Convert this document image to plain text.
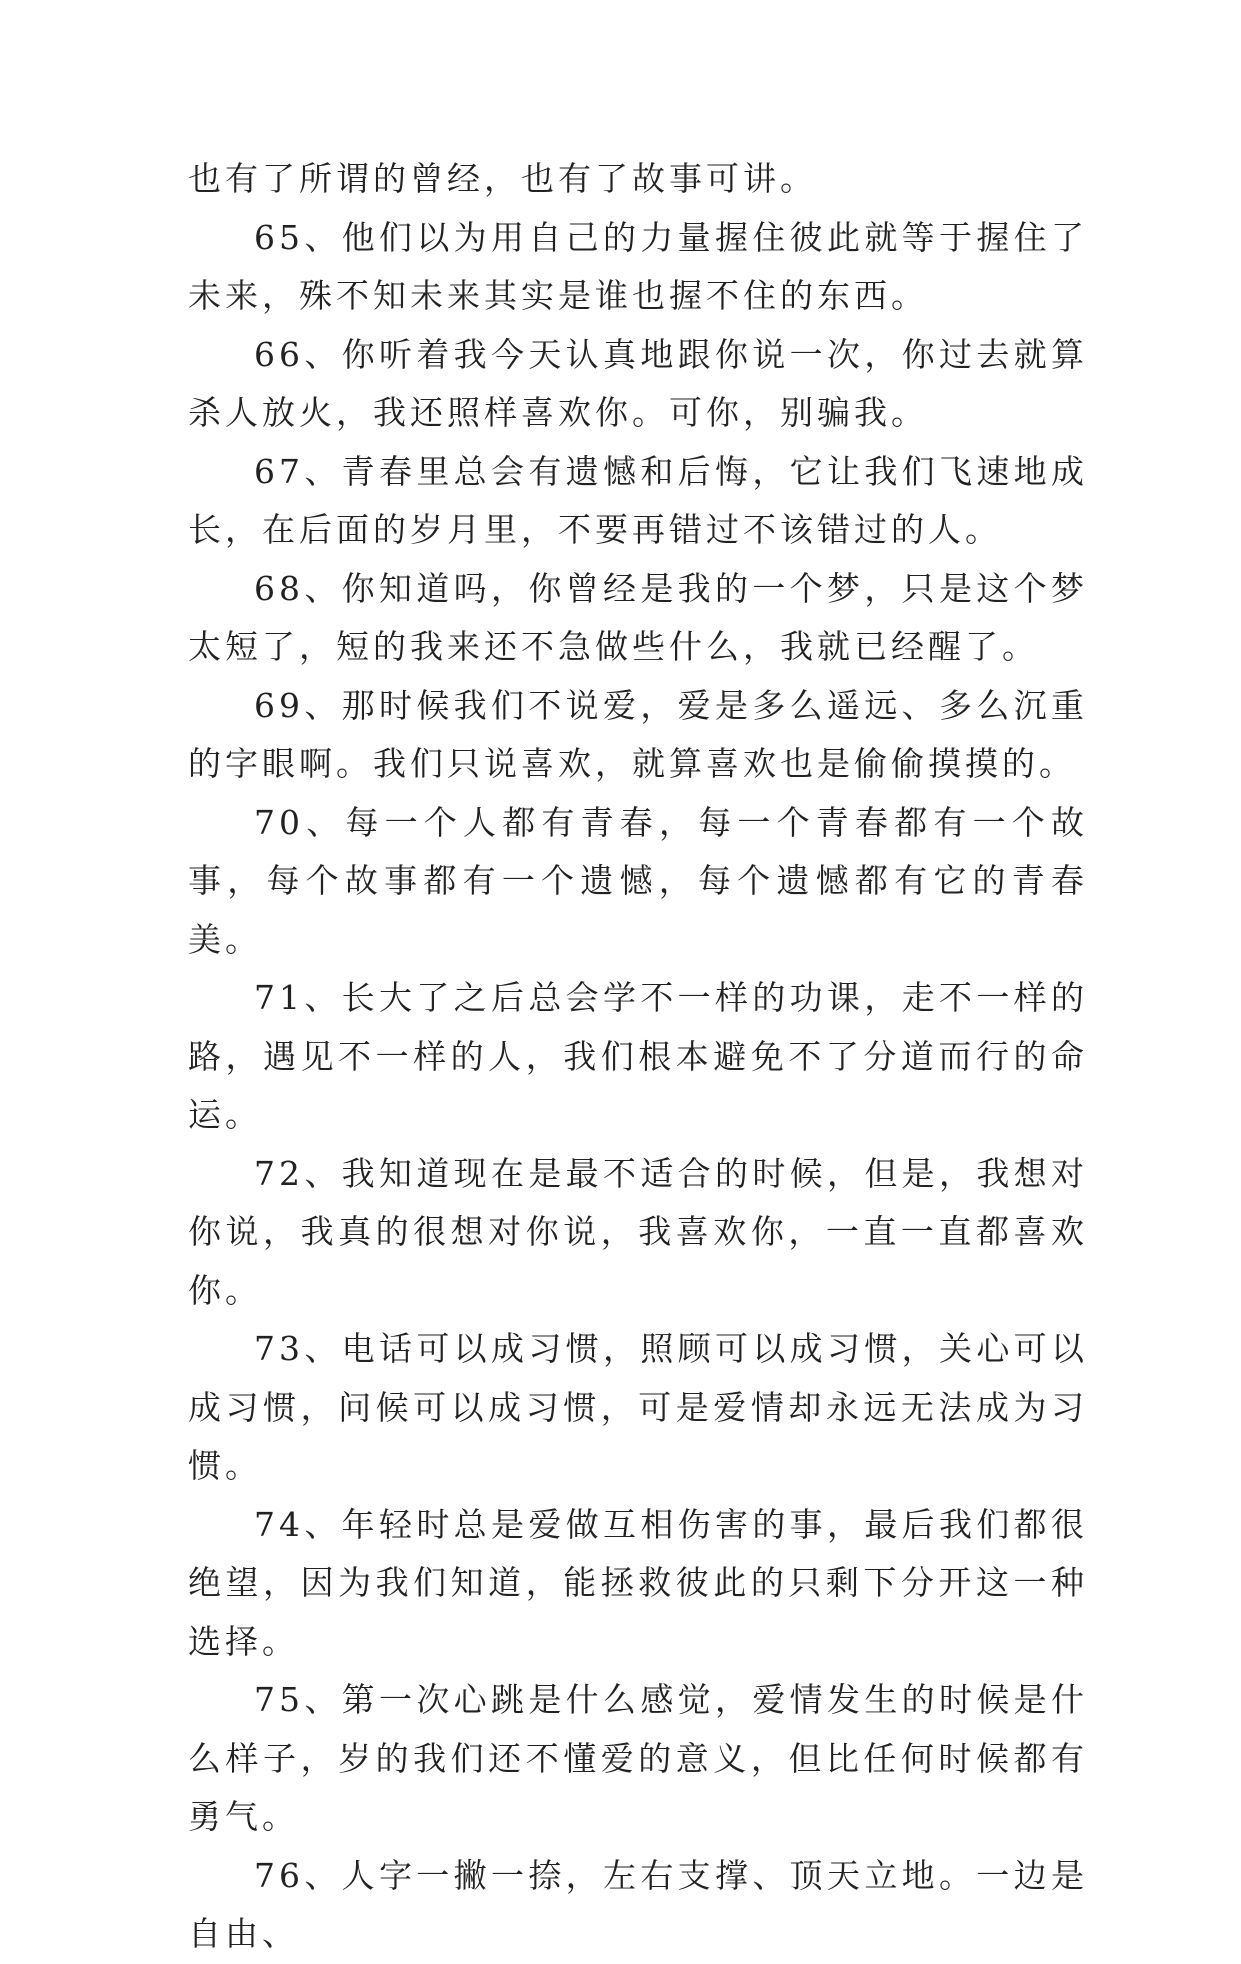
也有了所谓的曾经，也有了故事可讲。

65、他们以为用自己的力量握住彼此就等于握住了未来，殊不知未来其实是谁也握不住的东西。

66、你听着我今天认真地跟你说一次，你过去就算杀人放火，我还照样喜欢你。可你，别骗我。

67、青春里总会有遗憾和后悔，它让我们飞速地成长，在后面的岁月里，不要再错过不该错过的人。

68、你知道吗，你曾经是我的一个梦，只是这个梦太短了，短的我来还不急做些什么，我就已经醒了。

69、那时候我们不说爱，爱是多么遥远、多么沉重的字眼啊。我们只说喜欢，就算喜欢也是偷偷摸摸的。

70、每一个人都有青春，每一个青春都有一个故事，每个故事都有一个遗憾，每个遗憾都有它的青春美。

71、长大了之后总会学不一样的功课，走不一样的路，遇见不一样的人，我们根本避免不了分道而行的命运。

72、我知道现在是最不适合的时候，但是，我想对你说，我真的很想对你说，我喜欢你，一直一直都喜欢你。

73、电话可以成习惯，照顾可以成习惯，关心可以成习惯，问候可以成习惯，可是爱情却永远无法成为习惯。

74、年轻时总是爱做互相伤害的事，最后我们都很绝望，因为我们知道，能拯救彼此的只剩下分开这一种选择。

75、第一次心跳是什么感觉，爱情发生的时候是什么样子，岁的我们还不懂爱的意义，但比任何时候都有勇气。

76、人字一撇一捺，左右支撑、顶天立地。一边是自由、
